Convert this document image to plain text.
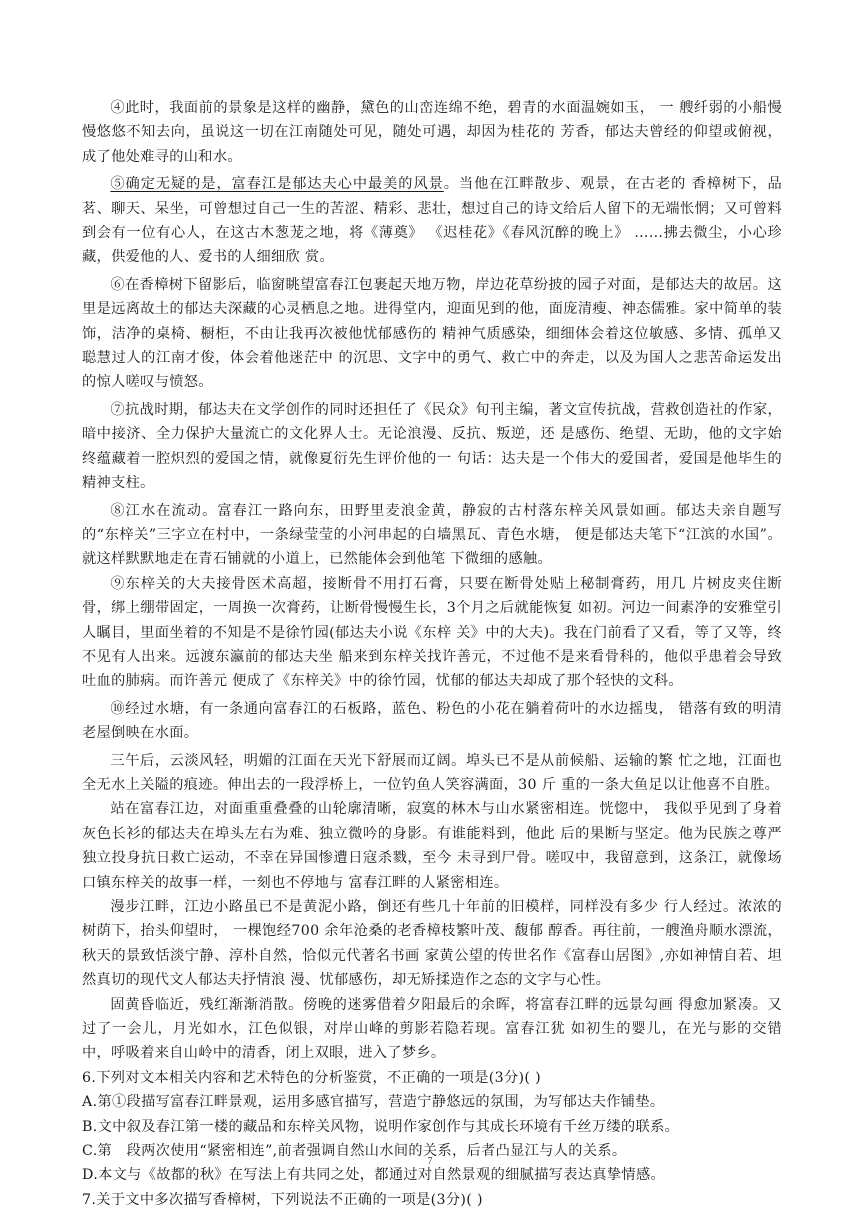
④此时，我面前的景象是这样的幽静，黛色的山峦连绵不绝，碧青的水面温婉如玉， 一 艘纤弱的小船慢慢悠悠不知去向，虽说这一切在江南随处可见，随处可遇，却因为桂花的 芳香，郁达夫曾经的仰望或俯视，成了他处难寻的山和水。

⑤确定无疑的是，富春江是郁达夫心中最美的风景。当他在江畔散步、观景，在古老的 香樟树下，品茗、聊天、呆坐，可曾想过自己一生的苦涩、精彩、悲壮，想过自己的诗文给后人留下的无端怅惘；又可曾料到会有一位有心人，在这古木葱茏之地，将《薄奠》 《迟桂花》《春风沉醉的晚上》 ……拂去微尘，小心珍藏，供爱他的人、爱书的人细细欣 赏。

⑥在香樟树下留影后，临窗眺望富春江包裹起天地万物，岸边花草纷披的园子对面，是郁达夫的故居。这里是远离故土的郁达夫深藏的心灵栖息之地。进得堂内，迎面见到的他，面庞清瘦、神态儒雅。家中简单的装饰，洁净的桌椅、橱柜，不由让我再次被他忧郁感伤的 精神气质感染，细细体会着这位敏感、多情、孤单又聪慧过人的江南才俊，体会着他迷茫中 的沉思、文字中的勇气、救亡中的奔走，以及为国人之悲苦命运发出的惊人嗟叹与愤怒。

⑦抗战时期，郁达夫在文学创作的同时还担任了《民众》旬刊主编，著文宣传抗战，营救创造社的作家，暗中接济、全力保护大量流亡的文化界人士。无论浪漫、反抗、叛逆，还 是感伤、绝望、无助，他的文字始终蕴藏着一腔炽烈的爱国之情，就像夏衍先生评价他的一 句话：达夫是一个伟大的爱国者，爱国是他毕生的精神支柱。

⑧江水在流动。富春江一路向东，田野里麦浪金黄，静寂的古村落东梓关风景如画。郁达夫亲自题写的“东梓关”三字立在村中，一条绿莹莹的小河串起的白墙黑瓦、青色水塘， 便是郁达夫笔下“江滨的水国”。就这样默默地走在青石铺就的小道上，已然能体会到他笔 下微细的感触。

⑨东梓关的大夫接骨医术高超，接断骨不用打石膏，只要在断骨处贴上秘制膏药，用几 片树皮夹住断骨，绑上绷带固定，一周换一次膏药，让断骨慢慢生长，3个月之后就能恢复 如初。河边一间素净的安雅堂引人瞩目，里面坐着的不知是不是徐竹园(郁达夫小说《东梓 关》中的大夫)。我在门前看了又看，等了又等，终不见有人出来。远渡东瀛前的郁达夫坐 船来到东梓关找许善元，不过他不是来看骨科的，他似乎患着会导致吐血的肺病。而许善元 便成了《东梓关》中的徐竹园，忧郁的郁达夫却成了那个轻快的文科。

⑩经过水塘，有一条通向富春江的石板路，蓝色、粉色的小花在躺着荷叶的水边摇曳， 错落有致的明清老屋倒映在水面。

三午后，云淡风轻，明媚的江面在天光下舒展而辽阔。埠头已不是从前候船、运输的繁 忙之地，江面也全无水上关隘的痕迹。伸出去的一段浮桥上，一位钓鱼人笑容满面，30 斤 重的一条大鱼足以让他喜不自胜。

站在富春江边，对面重重叠叠的山轮廓清晰，寂寞的林木与山水紧密相连。恍惚中， 我似乎见到了身着灰色长衫的郁达夫在埠头左右为难、独立微吟的身影。有谁能料到，他此 后的果断与坚定。他为民族之尊严独立投身抗日救亡运动，不幸在异国惨遭日寇杀戮，至今 未寻到尸骨。嗟叹中，我留意到，这条江，就像场口镇东梓关的故事一样，一刻也不停地与 富春江畔的人紧密相连。

漫步江畔，江边小路虽已不是黄泥小路，倒还有些几十年前的旧模样，同样没有多少 行人经过。浓浓的树荫下，抬头仰望时， 一棵饱经700 余年沧桑的老香樟枝繁叶茂、馥郁 醇香。再往前，一艘渔舟顺水漂流，秋天的景致恬淡宁静、淳朴自然，恰似元代著名书画 家黄公望的传世名作《富春山居图》,亦如神情自若、坦然真切的现代文人郁达夫抒情浪 漫、忧郁感伤，却无矫揉造作之态的文字与心性。

固黄昏临近，残红渐渐消散。傍晚的迷雾借着夕阳最后的余晖，将富春江畔的远景勾画 得愈加紧凑。又过了一会儿，月光如水，江色似银，对岸山峰的剪影若隐若现。富春江犹 如初生的婴儿，在光与影的交错中，呼吸着来自山岭中的清香，闭上双眼，进入了梦乡。

6.下列对文本相关内容和艺术特色的分析鉴赏，不正确的一项是(3分)( )

A.第①段描写富春江畔景观，运用多感官描写，营造宁静悠远的氛围，为写郁达夫作铺垫。

B.文中叙及春江第一楼的藏品和东梓关风物，说明作家创作与其成长环境有千丝万缕的联系。

C.第　段两次使用“紧密相连”,前者强调自然山水间的关系，后者凸显江与人的关系。

D.本文与《故都的秋》在写法上有共同之处，都通过对自然景观的细腻描写表达真挚情感。

7.关于文中多次描写香樟树，下列说法不正确的一项是(3分)( )

7
